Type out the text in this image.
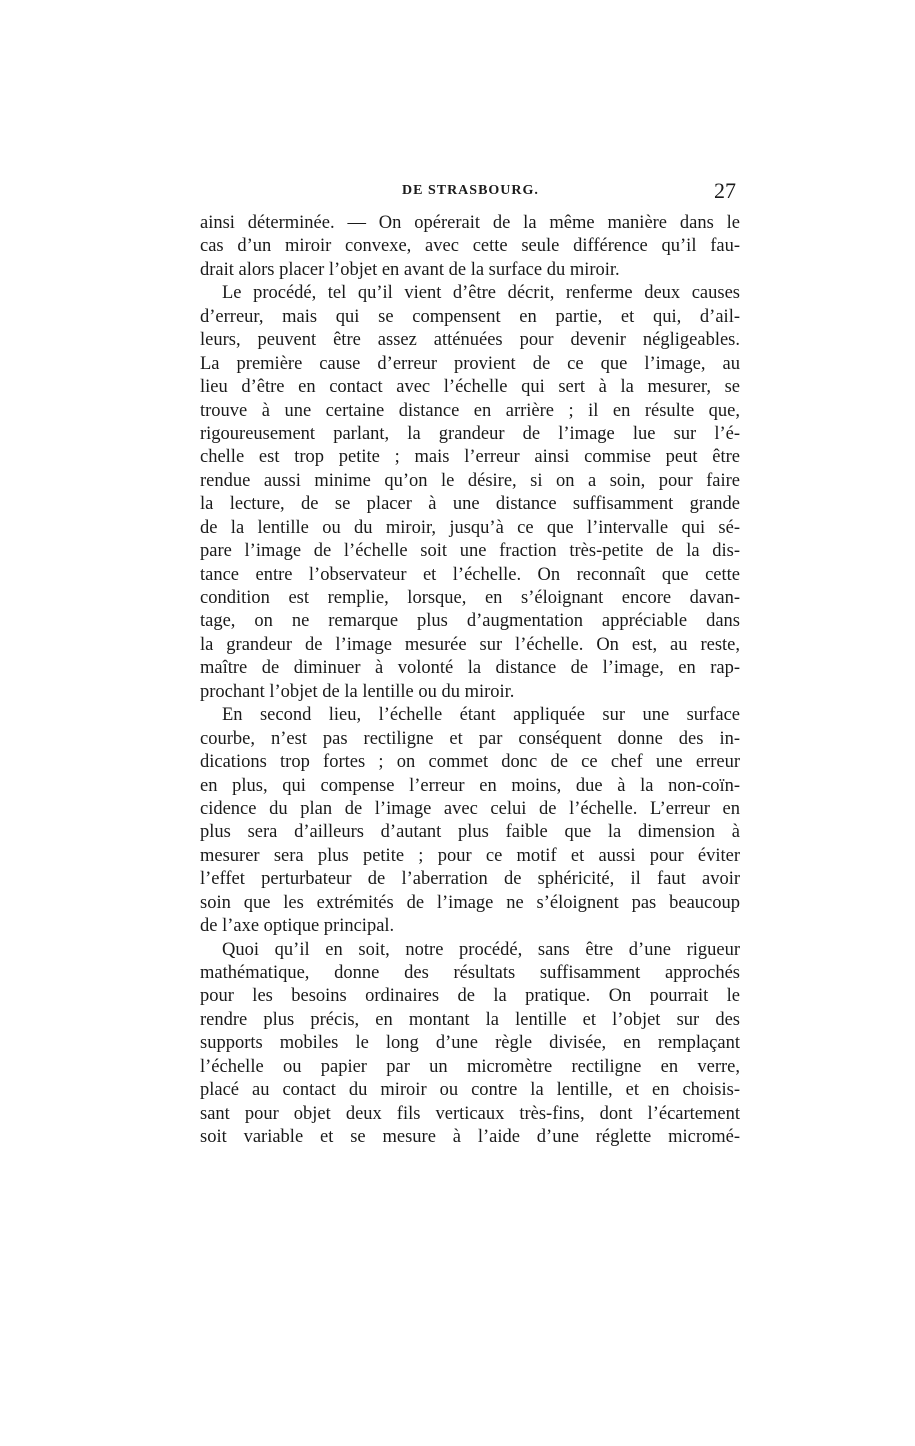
DE STRASBOURG.	27
ainsi déterminée. — On opérerait de la même manière dans le
cas d’un miroir convexe, avec cette seule différence qu’il fau-
drait alors placer l’objet en avant de la surface du miroir.
Le procédé, tel qu’il vient d’être décrit, renferme deux causes
d’erreur, mais qui se compensent en partie, et qui, d’ail-
leurs, peuvent être assez atténuées pour devenir négligeables.
La première cause d’erreur provient de ce que l’image, au
lieu d’être en contact avec l’échelle qui sert à la mesurer, se
trouve à une certaine distance en arrière ; il en résulte que,
rigoureusement parlant, la grandeur de l’image lue sur l’é-
chelle est trop petite ; mais l’erreur ainsi commise peut être
rendue aussi minime qu’on le désire, si on a soin, pour faire
la lecture, de se placer à une distance suffisamment grande
de la lentille ou du miroir, jusqu’à ce que l’intervalle qui sé-
pare l’image de l’échelle soit une fraction très-petite de la dis-
tance entre l’observateur et l’échelle. On reconnaît que cette
condition est remplie, lorsque, en s’éloignant encore davan-
tage, on ne remarque plus d’augmentation appréciable dans
la grandeur de l’image mesurée sur l’échelle. On est, au reste,
maître de diminuer à volonté la distance de l’image, en rap-
prochant l’objet de la lentille ou du miroir.
En second lieu, l’échelle étant appliquée sur une surface
courbe, n’est pas rectiligne et par conséquent donne des in-
dications trop fortes ; on commet donc de ce chef une erreur
en plus, qui compense l’erreur en moins, due à la non-coïn-
cidence du plan de l’image avec celui de l’échelle. L’erreur en
plus sera d’ailleurs d’autant plus faible que la dimension à
mesurer sera plus petite ; pour ce motif et aussi pour éviter
l’effet perturbateur de l’aberration de sphéricité, il faut avoir
soin que les extrémités de l’image ne s’éloignent pas beaucoup
de l’axe optique principal.
Quoi qu’il en soit, notre procédé, sans être d’une rigueur
mathématique, donne des résultats suffisamment approchés
pour les besoins ordinaires de la pratique. On pourrait le
rendre plus précis, en montant la lentille et l’objet sur des
supports mobiles le long d’une règle divisée, en remplaçant
l’échelle ou papier par un micromètre rectiligne en verre,
placé au contact du miroir ou contre la lentille, et en choisis-
sant pour objet deux fils verticaux très-fins, dont l’écartement
soit variable et se mesure à l’aide d’une réglette micromé-
